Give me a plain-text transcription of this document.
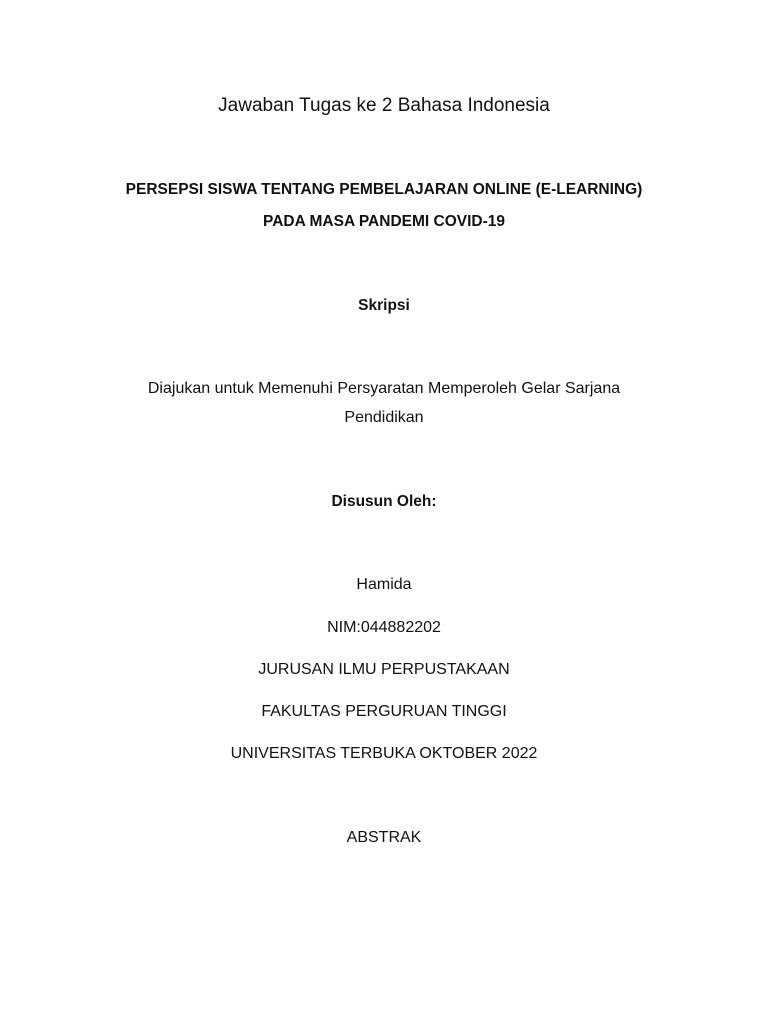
Jawaban Tugas ke 2 Bahasa Indonesia
PERSEPSI SISWA TENTANG PEMBELAJARAN ONLINE (E-LEARNING)
PADA MASA PANDEMI COVID-19
Skripsi
Diajukan untuk Memenuhi Persyaratan Memperoleh Gelar Sarjana
Pendidikan
Disusun Oleh:
Hamida
NIM:044882202
JURUSAN ILMU PERPUSTAKAAN
FAKULTAS PERGURUAN TINGGI
UNIVERSITAS TERBUKA OKTOBER 2022
ABSTRAK
